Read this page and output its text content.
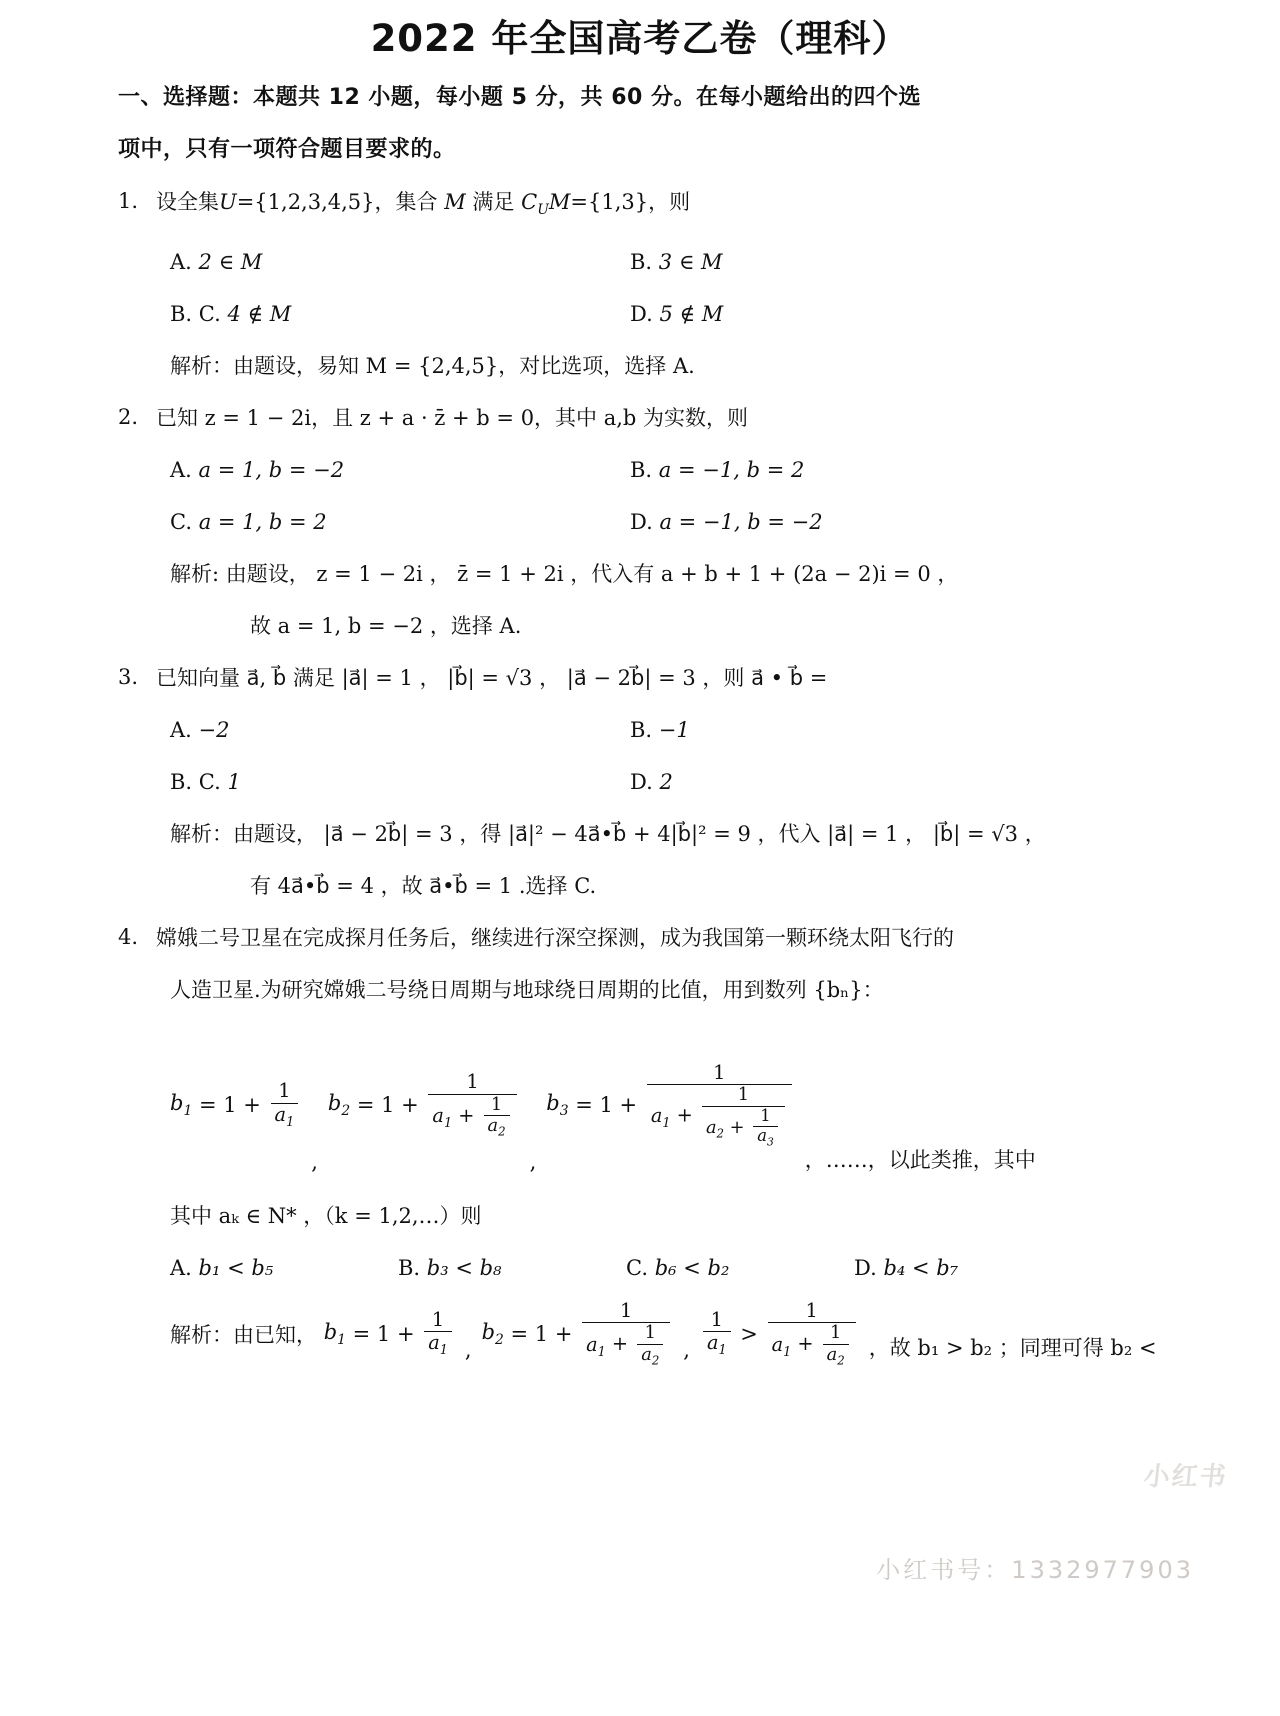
2022 年全国高考乙卷（理科）
一、选择题：本题共 12 小题，每小题 5 分，共 60 分。在每小题给出的四个选
项中，只有一项符合题目要求的。
1. 设全集U={1,2,3,4,5}，集合 M 满足 $C_UM=\{1,3\}$，则
A. 2 ∈ M	B. 3 ∈ M
B. C. 4 ∉ M	D. 5 ∉ M
解析：由题设，易知 M = {2,4,5}，对比选项，选择 A.
2. 已知 z = 1 − 2i，且 z + a · z̄ + b = 0，其中 a,b 为实数，则
A. a = 1, b = −2	B. a = −1, b = 2
C. a = 1, b = 2	D. a = −1, b = −2
解析: 由题设， z = 1 − 2i ， z̄ = 1 + 2i ，代入有 a + b + 1 + (2a − 2)i = 0 ，
故 a = 1, b = −2 ，选择 A.
3. 已知向量 a⃗, b⃗ 满足 |a⃗| = 1 ， |b⃗| = √3 ， |a⃗ − 2b⃗| = 3 ，则 a⃗ • b⃗ =
A. −2	B. −1
B. C. 1	D. 2
解析：由题设， |a⃗ − 2b⃗| = 3 ，得 |a⃗|² − 4a⃗•b⃗ + 4|b⃗|² = 9 ，代入 |a⃗| = 1 ， |b⃗| = √3 ，
有 4a⃗•b⃗ = 4 ，故 a⃗•b⃗ = 1 .选择 C.
4. 嫦娥二号卫星在完成探月任务后，继续进行深空探测，成为我国第一颗环绕太阳飞行的
人造卫星.为研究嫦娥二号绕日周期与地球绕日周期的比值，用到数列 {bₙ}：
$b_1 = 1 + \frac{1}{a_1}$
,
$b_2 = 1 + \frac{1}{a_1 + \frac{1}{a_2}}$
,
$b_3 = 1 + \frac{1}{a_1 + \frac{1}{a_2 + \frac{1}{a_3}}}$
，……，以此类推，其中
其中 aₖ ∈ N* ，（k = 1,2,…）则
A. b₁ < b₅	B. b₃ < b₈	C. b₆ < b₂	D. b₄ < b₇
解析：由已知，
$b_1 = 1 + \frac{1}{a_1}$ ,
$b_2 = 1 + \frac{1}{a_1 + \frac{1}{a_2}}$ , $\frac{1}{a_1} > \frac{1}{a_1 + \frac{1}{a_2}}$ ，故 b₁ > b₂ ；同理可得 b₂ <
小红书
小红书号：1332977903
